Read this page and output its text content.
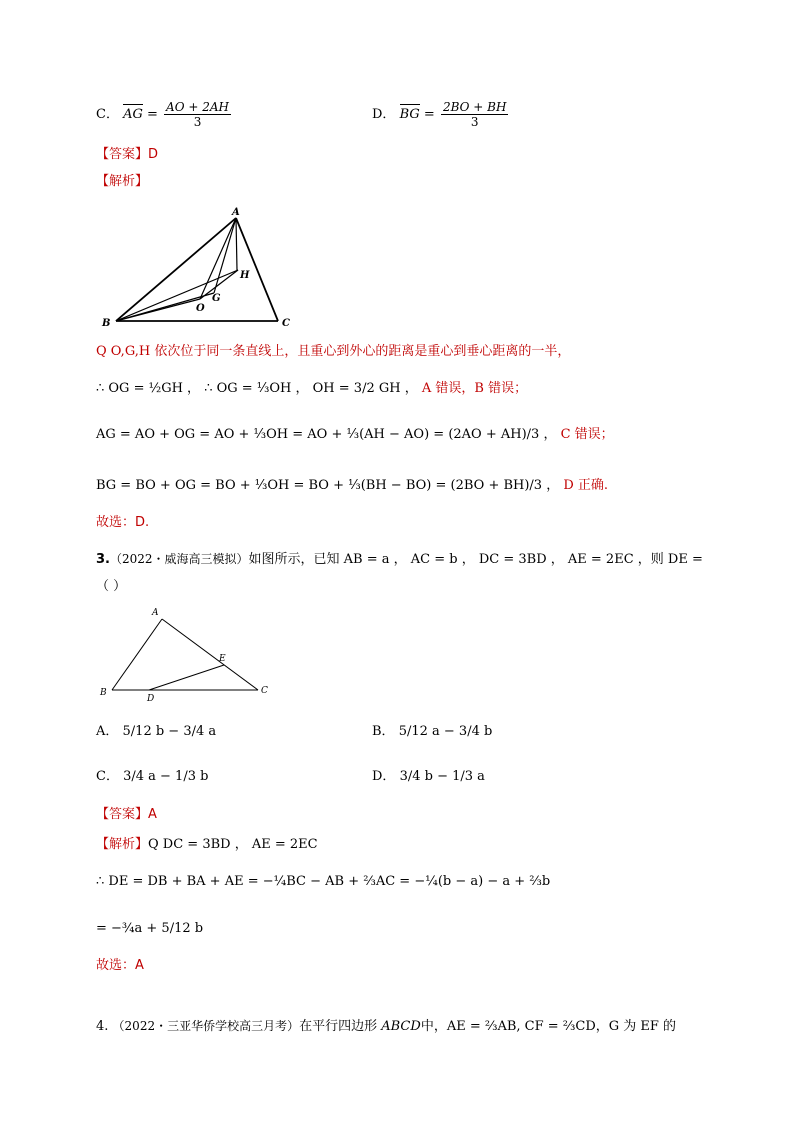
C． AG = $\frac{AO + 2AH}{3}$	D． BG = $\frac{2BO + BH}{3}$
【答案】D
【解析】
A
H
G
O
B	C
Q O,G,H 依次位于同一条直线上，且重心到外心的距离是重心到垂心距离的一半，
∴ OG = ½GH ， ∴ OG = ⅓OH ， OH = 3/2 GH ， A 错误，B 错误；
AG = AO + OG = AO + ⅓OH = AO + ⅓(AH − AO) = (2AO + AH)/3 ， C 错误；
BG = BO + OG = BO + ⅓OH = BO + ⅓(BH − BO) = (2BO + BH)/3 ， D 正确.
故选：D.
3.（2022・威海高三模拟）如图所示，已知 AB = a ， AC = b ， DC = 3BD ， AE = 2EC ，则 DE =
（ ）
A
B	C
D
E
A． 5/12 b − 3/4 a	B． 5/12 a − 3/4 b
C． 3/4 a − 1/3 b	D． 3/4 b − 1/3 a
【答案】A
【解析】Q DC = 3BD ， AE = 2EC
∴ DE = DB + BA + AE = −¼BC − AB + ⅔AC = −¼(b − a) − a + ⅔b
= −¾a + 5/12 b
故选：A
4. （2022・三亚华侨学校高三月考）在平行四边形 ABCD中，AE = ⅔AB, CF = ⅔CD，G 为 EF 的
